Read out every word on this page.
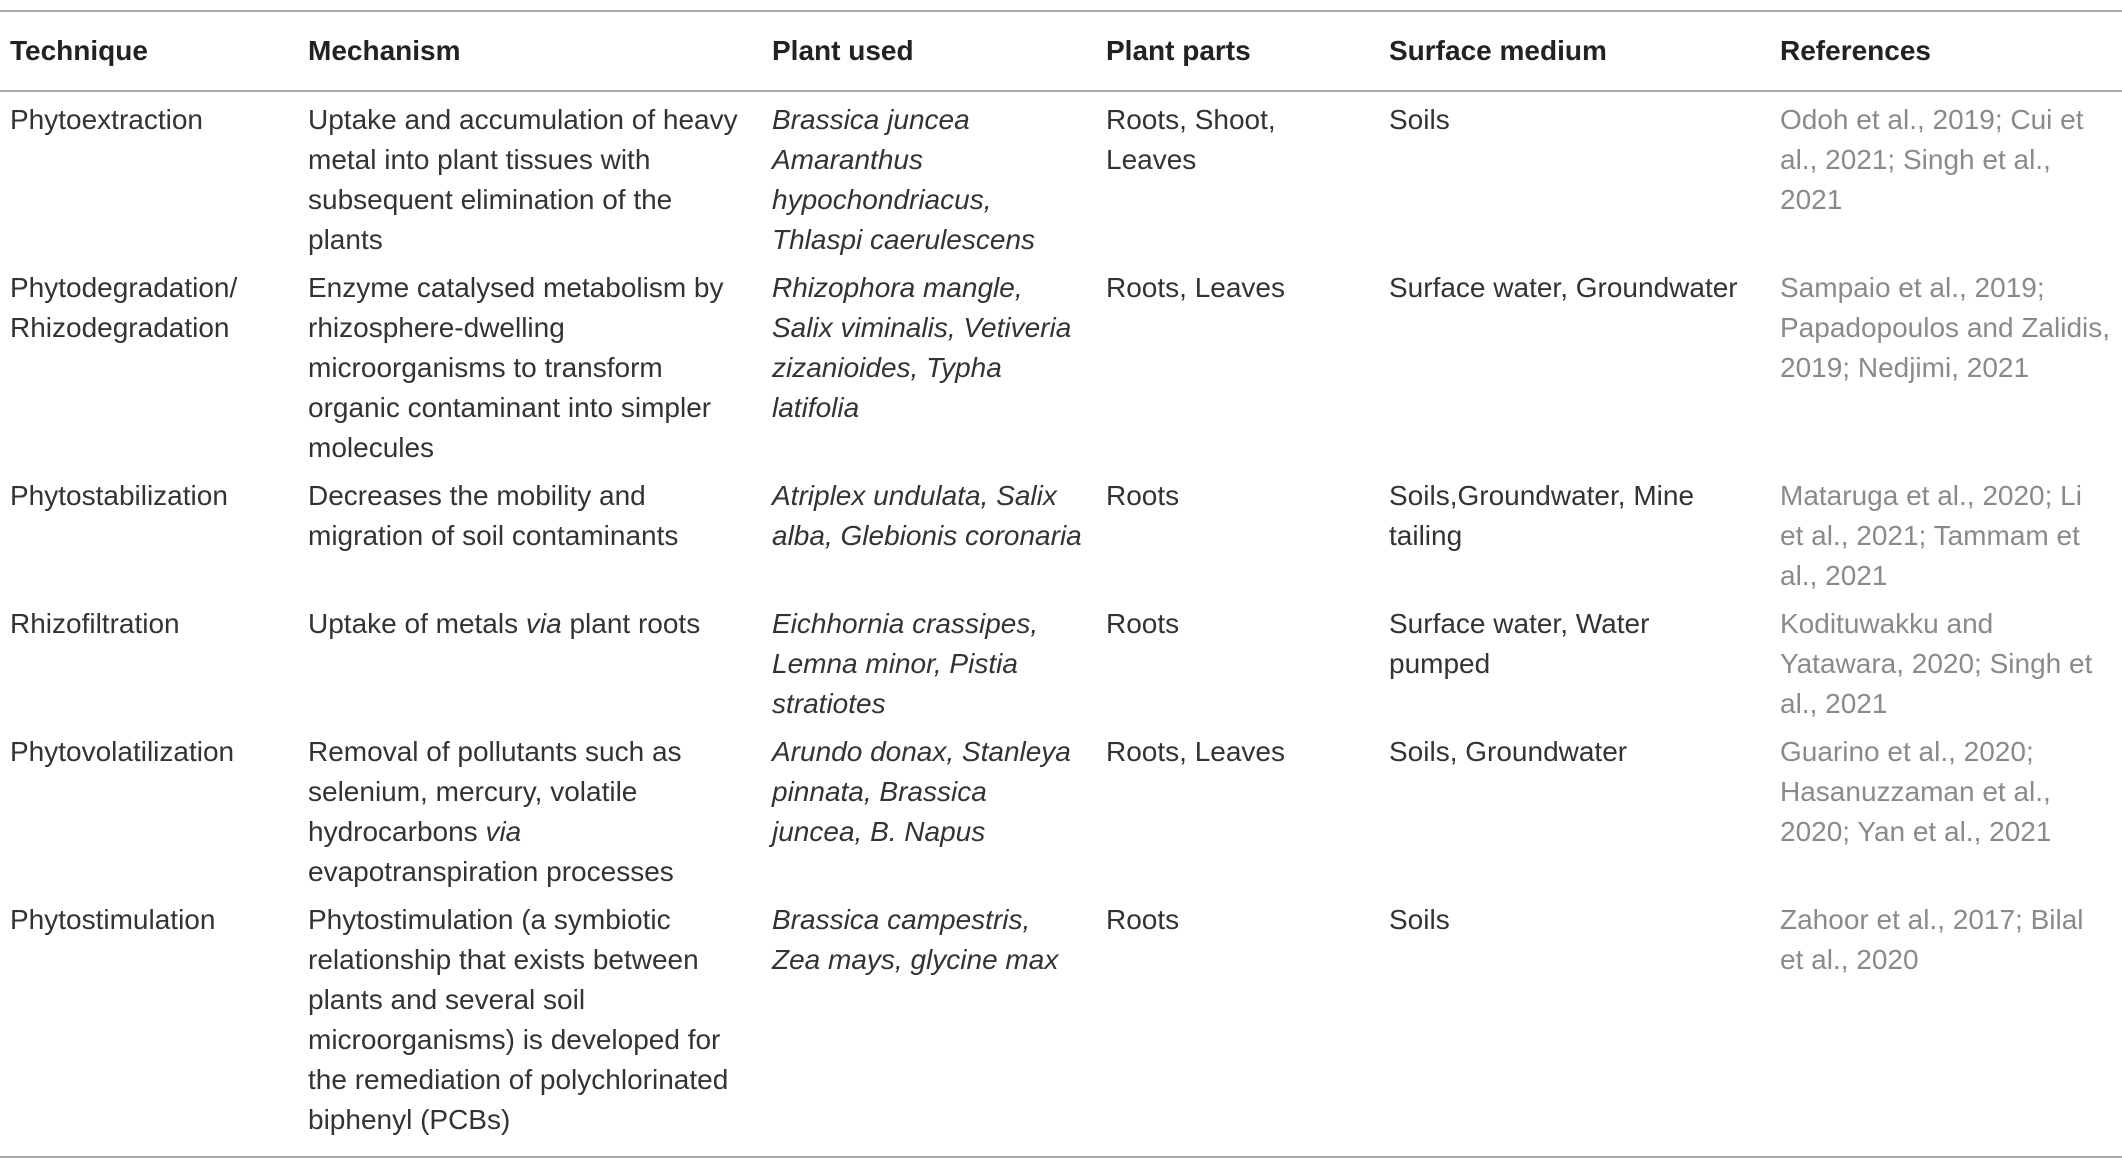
Technique	Mechanism	Plant used	Plant parts	Surface medium	References
Phytoextraction	Uptake and accumulation of heavy metal into plant tissues with subsequent elimination of the plants	Brassica juncea Amaranthus hypochondriacus, Thlaspi caerulescens	Roots, Shoot, Leaves	Soils	Odoh et al., 2019; Cui et al., 2021; Singh et al., 2021
Phytodegradation/ Rhizodegradation	Enzyme catalysed metabolism by rhizosphere-dwelling microorganisms to transform organic contaminant into simpler molecules	Rhizophora mangle, Salix viminalis, Vetiveria zizanioides, Typha latifolia	Roots, Leaves	Surface water, Groundwater	Sampaio et al., 2019; Papadopoulos and Zalidis, 2019; Nedjimi, 2021
Phytostabilization	Decreases the mobility and migration of soil contaminants	Atriplex undulata, Salix alba, Glebionis coronaria	Roots	Soils,Groundwater, Mine tailing	Mataruga et al., 2020; Li et al., 2021; Tammam et al., 2021
Rhizofiltration	Uptake of metals via plant roots	Eichhornia crassipes, Lemna minor, Pistia stratiotes	Roots	Surface water, Water pumped	Kodituwakku and Yatawara, 2020; Singh et al., 2021
Phytovolatilization	Removal of pollutants such as selenium, mercury, volatile hydrocarbons via evapotranspiration processes	Arundo donax, Stanleya pinnata, Brassica juncea, B. Napus	Roots, Leaves	Soils, Groundwater	Guarino et al., 2020; Hasanuzzaman et al., 2020; Yan et al., 2021
Phytostimulation	Phytostimulation (a symbiotic relationship that exists between plants and several soil microorganisms) is developed for the remediation of polychlorinated biphenyl (PCBs)	Brassica campestris, Zea mays, glycine max	Roots	Soils	Zahoor et al., 2017; Bilal et al., 2020
